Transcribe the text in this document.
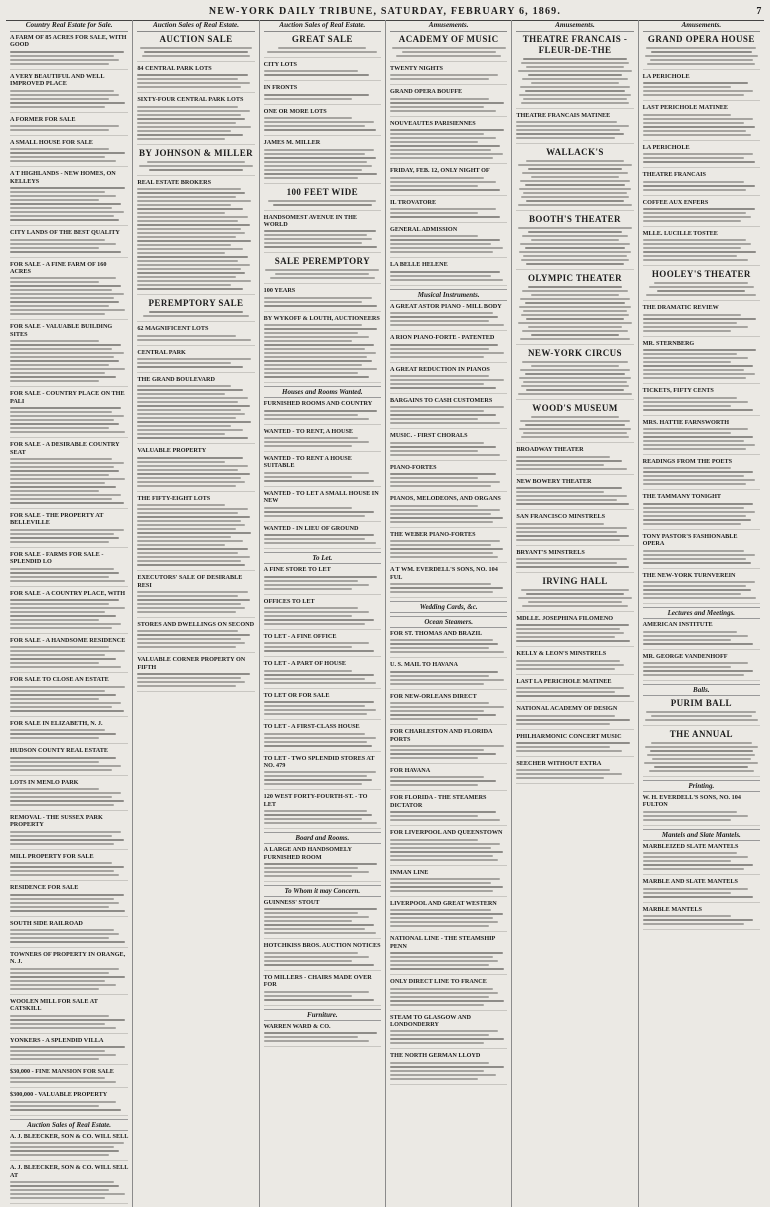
NEW-YORK DAILY TRIBUNE, SATURDAY, FEBRUARY 6, 1869.	7
Country Real Estate for Sale.
A FARM OF 85 ACRES FOR SALE, WITH GOOD
A VERY BEAUTIFUL AND WELL IMPROVED PLACE
A FORMER FOR SALE
A SMALL HOUSE FOR SALE
A T HIGHLANDS - NEW HOMES, ON KELLEYS
CITY LANDS OF THE BEST QUALITY
FOR SALE - A FINE FARM OF 160 ACRES
FOR SALE - VALUABLE BUILDING SITES
FOR SALE - COUNTRY PLACE ON THE PALI
FOR SALE - A DESIRABLE COUNTRY SEAT
FOR SALE - THE PROPERTY AT BELLEVILLE
FOR SALE - FARMS FOR SALE - SPLENDID LO
FOR SALE - A COUNTRY PLACE, WITH
FOR SALE - A HANDSOME RESIDENCE
FOR SALE TO CLOSE AN ESTATE
FOR SALE IN ELIZABETH, N. J.
HUDSON COUNTY REAL ESTATE
LOTS IN MENLO PARK
REMOVAL - THE SUSSEX PARK PROPERTY
MILL PROPERTY FOR SALE
RESIDENCE FOR SALE
SOUTH SIDE RAILROAD
TOWNERS OF PROPERTY IN ORANGE, N. J.
WOOLEN MILL FOR SALE AT CATSKILL
YONKERS - A SPLENDID VILLA
$30,000 - FINE MANSION FOR SALE
$300,000 - VALUABLE PROPERTY
Auction Sales of Real Estate.
A. J. BLEECKER, SON & CO. WILL SELL
A. J. BLEECKER, SON & CO. WILL SELL AT
Auction Sales of Real Estate.
AUCTION SALE
84 CENTRAL PARK LOTS
SIXTY-FOUR CENTRAL PARK LOTS
BY JOHNSON & MILLER
REAL ESTATE BROKERS
PEREMPTORY SALE
62 MAGNIFICENT LOTS
CENTRAL PARK
THE GRAND BOULEVARD
VALUABLE PROPERTY
THE FIFTY-EIGHT LOTS
EXECUTORS' SALE OF DESIRABLE RESI
STORES AND DWELLINGS ON SECOND
VALUABLE CORNER PROPERTY ON FIFTH
Auction Sales of Real Estate.
GREAT SALE
CITY LOTS
IN FRONTS
ONE OR MORE LOTS
JAMES M. MILLER
100 FEET WIDE
HANDSOMEST AVENUE IN THE WORLD
SALE PEREMPTORY
100 YEARS
BY WYKOFF & LOUTH, AUCTIONEERS
Houses and Rooms Wanted.
FURNISHED ROOMS AND COUNTRY
WANTED - TO RENT, A HOUSE
WANTED - TO RENT A HOUSE SUITABLE
WANTED - TO LET A SMALL HOUSE IN NEW
WANTED - IN LIEU OF GROUND
To Let.
A FINE STORE TO LET
OFFICES TO LET
TO LET - A FINE OFFICE
TO LET - A PART OF HOUSE
TO LET OR FOR SALE
TO LET - A FIRST-CLASS HOUSE
TO LET - TWO SPLENDID STORES AT NO. 479
120 WEST FORTY-FOURTH-ST. - TO LET
Board and Rooms.
A LARGE AND HANDSOMELY FURNISHED ROOM
To Whom it may Concern.
GUINNESS' STOUT
HOTCHKISS BROS. AUCTION NOTICES
TO MILLERS - CHAIRS MADE OVER FOR
Furniture.
WARREN WARD & CO.
Amusements.
ACADEMY OF MUSIC
TWENTY NIGHTS
GRAND OPERA BOUFFE
NOUVEAUTES PARISIENNES
FRIDAY, FEB. 12, ONLY NIGHT OF
IL TROVATORE
GENERAL ADMISSION
LA BELLE HELENE
Musical Instruments.
A GREAT ASTOR PIANO - MILL BODY
A RION PIANO-FORTE - PATENTED
A GREAT REDUCTION IN PIANOS
BARGAINS TO CASH CUSTOMERS
MUSIC. - FIRST CHORALS
PIANO-FORTES
PIANOS, MELODEONS, AND ORGANS
THE WEBER PIANO-FORTES
A T WM. EVERDELL'S SONS, NO. 104 FUL
Wedding Cards, &c.
Ocean Steamers.
FOR ST. THOMAS AND BRAZIL
U. S. MAIL TO HAVANA
FOR NEW-ORLEANS DIRECT
FOR CHARLESTON AND FLORIDA PORTS
FOR HAVANA
FOR FLORIDA - THE STEAMERS DICTATOR
FOR LIVERPOOL AND QUEENSTOWN
INMAN LINE
LIVERPOOL AND GREAT WESTERN
NATIONAL LINE - THE STEAMSHIP PENN
ONLY DIRECT LINE TO FRANCE
STEAM TO GLASGOW AND LONDONDERRY
THE NORTH GERMAN LLOYD
Amusements.
THEATRE FRANCAIS - FLEUR-DE-THE
THEATRE FRANCAIS MATINEE
WALLACK'S
BOOTH'S THEATER
OLYMPIC THEATER
NEW-YORK CIRCUS
WOOD'S MUSEUM
BROADWAY THEATER
NEW BOWERY THEATER
SAN FRANCISCO MINSTRELS
BRYANT'S MINSTRELS
IRVING HALL
MDLLE. JOSEPHINA FILOMENO
KELLY & LEON'S MINSTRELS
LAST LA PERICHOLE MATINEE
NATIONAL ACADEMY OF DESIGN
PHILHARMONIC CONCERT MUSIC
SEECHER WITHOUT EXTRA
Amusements.
GRAND OPERA HOUSE
LA PERICHOLE
LAST PERICHOLE MATINEE
LA PERICHOLE
THEATRE FRANCAIS
COFFEE AUX ENFERS
MLLE. LUCILLE TOSTEE
HOOLEY'S THEATER
THE DRAMATIC REVIEW
MR. STERNBERG
TICKETS, FIFTY CENTS
MRS. HATTIE FARNSWORTH
READINGS FROM THE POETS
THE TAMMANY TONIGHT
TONY PASTOR'S FASHIONABLE OPERA
THE NEW-YORK TURNVEREIN
Lectures and Meetings.
AMERICAN INSTITUTE
MR. GEORGE VANDENHOFF
Balls.
PURIM BALL
THE ANNUAL
Printing.
W. H. EVERDELL'S SONS, NO. 104 FULTON
Mantels and Slate Mantels.
MARBLEIZED SLATE MANTELS
MARBLE AND SLATE MANTELS
MARBLE MANTELS
